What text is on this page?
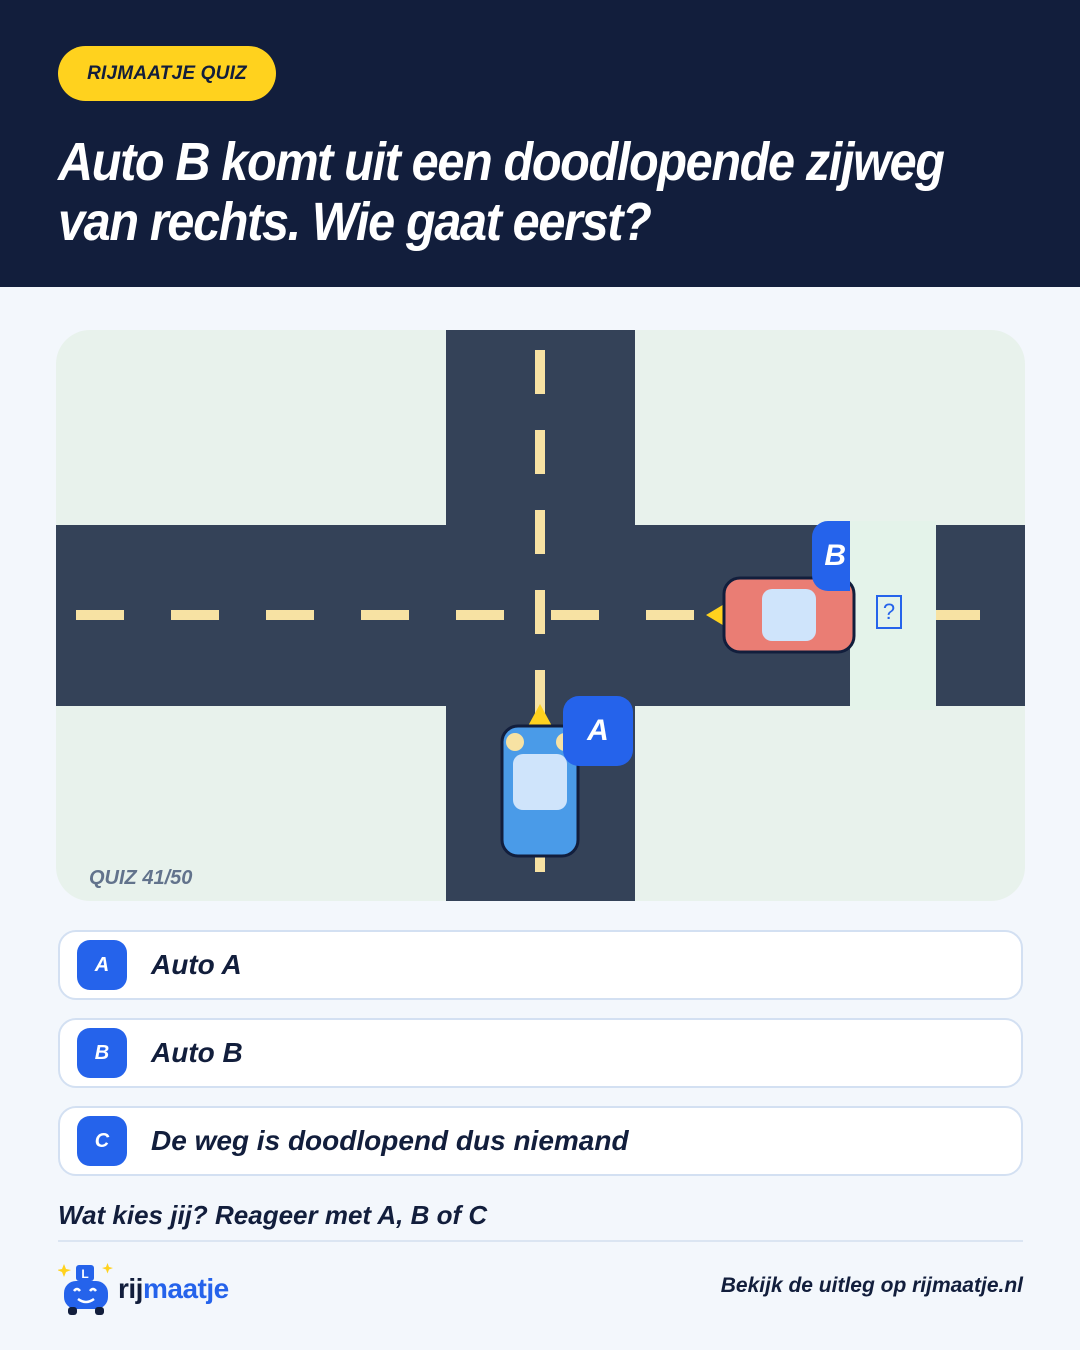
RIJMAATJE QUIZ
Auto B komt uit een doodlopende zijweg van rechts. Wie gaat eerst?
?
B
A
QUIZ 41/50
A	Auto A
B	Auto B
C	De weg is doodlopend dus niemand
Wat kies jij? Reageer met A, B of C
L rijmaatje	Bekijk de uitleg op rijmaatje.nl
